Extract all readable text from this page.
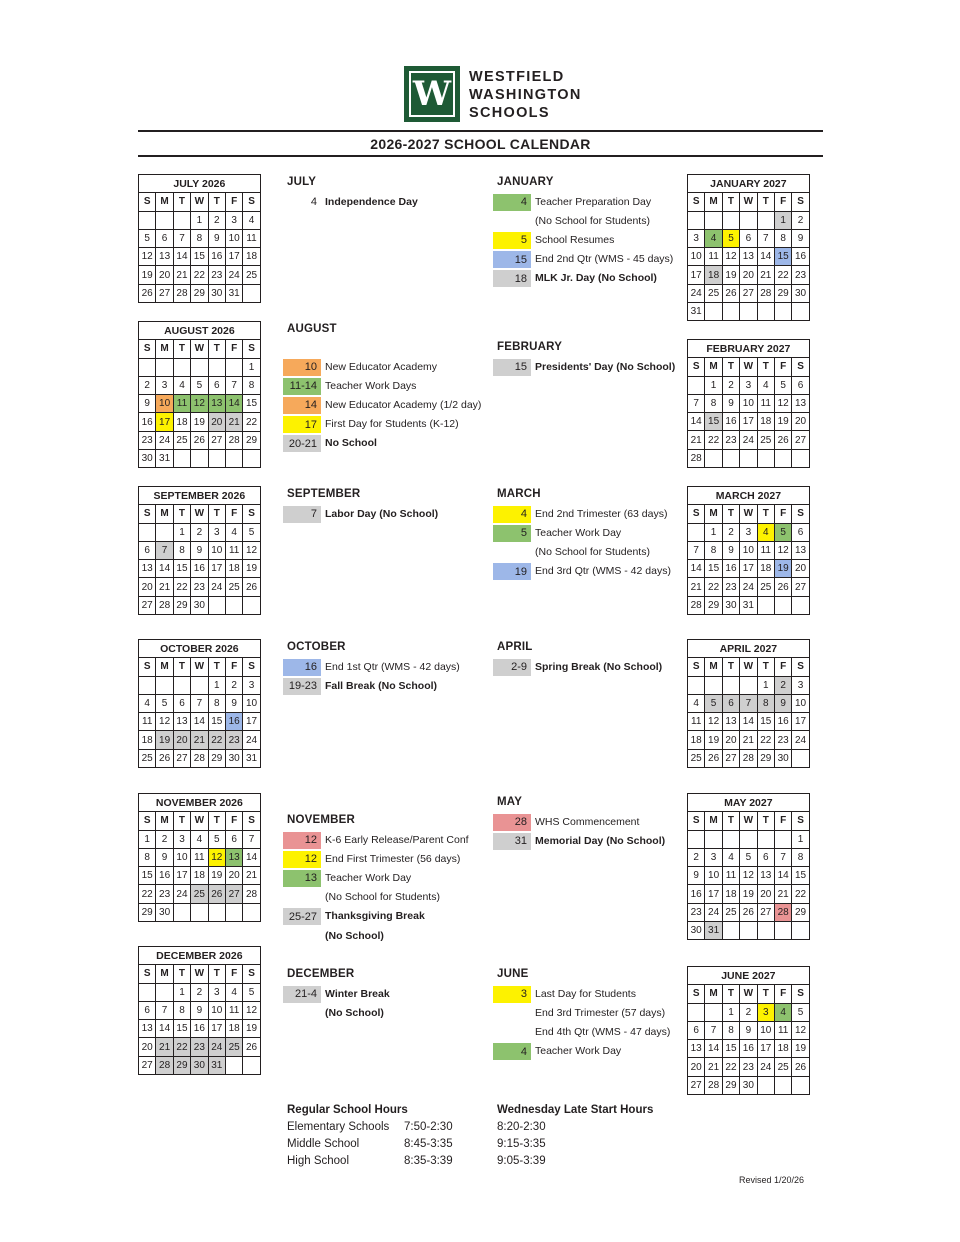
W WESTFIELD
WASHINGTON
SCHOOLS
2026-2027 SCHOOL CALENDAR
JULY 2026						
S	M	T	W	T	F	S
			1	2	3	4
5	6	7	8	9	10	11
12	13	14	15	16	17	18
19	20	21	22	23	24	25
26	27	28	29	30	31	
AUGUST 2026						
S	M	T	W	T	F	S
						1
2	3	4	5	6	7	8
9	10	11	12	13	14	15
16	17	18	19	20	21	22
23	24	25	26	27	28	29
30	31					
SEPTEMBER 2026						
S	M	T	W	T	F	S
		1	2	3	4	5
6	7	8	9	10	11	12
13	14	15	16	17	18	19
20	21	22	23	24	25	26
27	28	29	30			
OCTOBER 2026						
S	M	T	W	T	F	S
				1	2	3
4	5	6	7	8	9	10
11	12	13	14	15	16	17
18	19	20	21	22	23	24
25	26	27	28	29	30	31
NOVEMBER 2026						
S	M	T	W	T	F	S
1	2	3	4	5	6	7
8	9	10	11	12	13	14
15	16	17	18	19	20	21
22	23	24	25	26	27	28
29	30					
DECEMBER 2026						
S	M	T	W	T	F	S
		1	2	3	4	5
6	7	8	9	10	11	12
13	14	15	16	17	18	19
20	21	22	23	24	25	26
27	28	29	30	31		
JANUARY 2027						
S	M	T	W	T	F	S
					1	2
3	4	5	6	7	8	9
10	11	12	13	14	15	16
17	18	19	20	21	22	23
24	25	26	27	28	29	30
31						
FEBRUARY 2027						
S	M	T	W	T	F	S
	1	2	3	4	5	6
7	8	9	10	11	12	13
14	15	16	17	18	19	20
21	22	23	24	25	26	27
28						
MARCH 2027						
S	M	T	W	T	F	S
	1	2	3	4	5	6
7	8	9	10	11	12	13
14	15	16	17	18	19	20
21	22	23	24	25	26	27
28	29	30	31			
APRIL 2027						
S	M	T	W	T	F	S
				1	2	3
4	5	6	7	8	9	10
11	12	13	14	15	16	17
18	19	20	21	22	23	24
25	26	27	28	29	30	
MAY 2027						
S	M	T	W	T	F	S
						1
2	3	4	5	6	7	8
9	10	11	12	13	14	15
16	17	18	19	20	21	22
23	24	25	26	27	28	29
30	31					
JUNE 2027						
S	M	T	W	T	F	S
		1	2	3	4	5
6	7	8	9	10	11	12
13	14	15	16	17	18	19
20	21	22	23	24	25	26
27	28	29	30			
JULY
4 Independence Day
AUGUST
10 New Educator Academy
11-14 Teacher Work Days
14 New Educator Academy (1/2 day)
17 First Day for Students (K-12)
20-21 No School
SEPTEMBER
7 Labor Day (No School)
OCTOBER
16 End 1st Qtr (WMS - 42 days)
19-23 Fall Break (No School)
NOVEMBER
12 K-6 Early Release/Parent Conf
12 End First Trimester (56 days)
13 Teacher Work Day
(No School for Students)
25-27 Thanksgiving Break
(No School)
DECEMBER
21-4 Winter Break
(No School)
JANUARY
4 Teacher Preparation Day
(No School for Students)
5 School Resumes
15 End 2nd Qtr (WMS - 45 days)
18 MLK Jr. Day (No School)
FEBRUARY
15 Presidents' Day (No School)
MARCH
4 End 2nd Trimester (63 days)
5 Teacher Work Day
(No School for Students)
19 End 3rd Qtr (WMS - 42 days)
APRIL
2-9 Spring Break (No School)
MAY
28 WHS Commencement
31 Memorial Day (No School)
JUNE
3 Last Day for Students
End 3rd Trimester (57 days)
End 4th Qtr (WMS - 47 days)
4 Teacher Work Day
Regular School Hours
Elementary Schools 7:50-2:30
Middle School	8:45-3:35
High School	8:35-3:39
Wednesday Late Start Hours
8:20-2:30
9:15-3:35
9:05-3:39
Revised 1/20/26
